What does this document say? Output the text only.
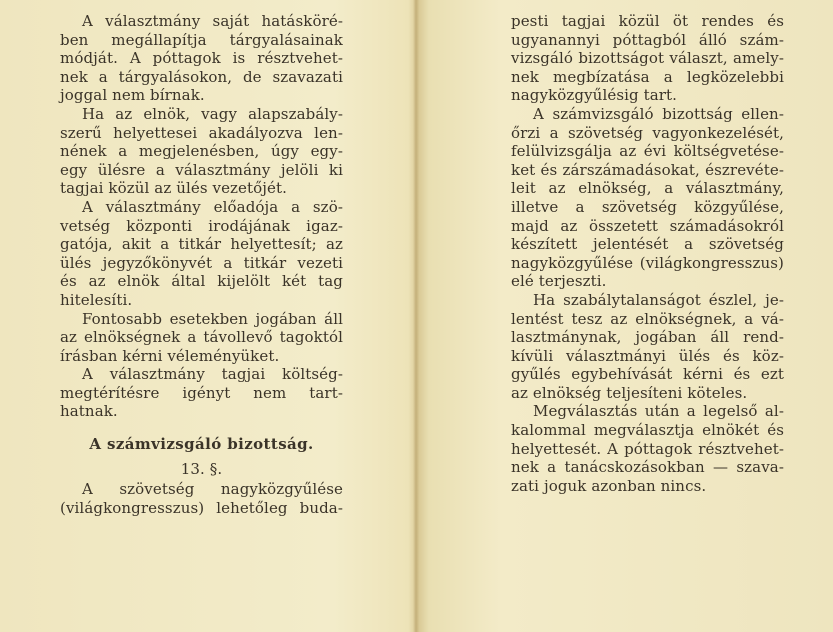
A választmány saját hatásköré-
ben megállapítja tárgyalásainak
módját. A póttagok is résztvehet-
nek a tárgyalásokon, de szavazati
joggal nem bírnak.
Ha az elnök, vagy alapszabály-
szerű helyettesei akadályozva len-
nének a megjelenésben, úgy egy-
egy ülésre a választmány jelöli ki
tagjai közül az ülés vezetőjét.
A választmány előadója a szö-
vetség központi irodájának igaz-
gatója, akit a titkár helyettesít; az
ülés jegyzőkönyvét a titkár vezeti
és az elnök által kijelölt két tag
hitelesíti.
Fontosabb esetekben jogában áll
az elnökségnek a távollevő tagoktól
írásban kérni véleményüket.
A választmány tagjai költség-
megtérítésre igényt nem tart-
hatnak.
A számvizsgáló bizottság.
13. §.
A szövetség nagyközgyűlése
(világkongresszus) lehetőleg buda-
pesti tagjai közül öt rendes és
ugyanannyi póttagból álló szám-
vizsgáló bizottságot választ, amely-
nek megbízatása a legközelebbi
nagyközgyűlésig tart.
A számvizsgáló bizottság ellen-
őrzi a szövetség vagyonkezelését,
felülvizsgálja az évi költségvetése-
ket és zárszámadásokat, észrevéte-
leit az elnökség, a választmány,
illetve a szövetség közgyűlése,
majd az összetett számadásokról
készített jelentését a szövetség
nagyközgyűlése (világkongresszus)
elé terjeszti.
Ha szabálytalanságot észlel, je-
lentést tesz az elnökségnek, a vá-
lasztmánynak, jogában áll rend-
kívüli választmányi ülés és köz-
gyűlés egybehívását kérni és ezt
az elnökség teljesíteni köteles.
Megválasztás után a legelső al-
kalommal megválasztja elnökét és
helyettesét. A póttagok résztvehet-
nek a tanácskozásokban — szava-
zati joguk azonban nincs.
